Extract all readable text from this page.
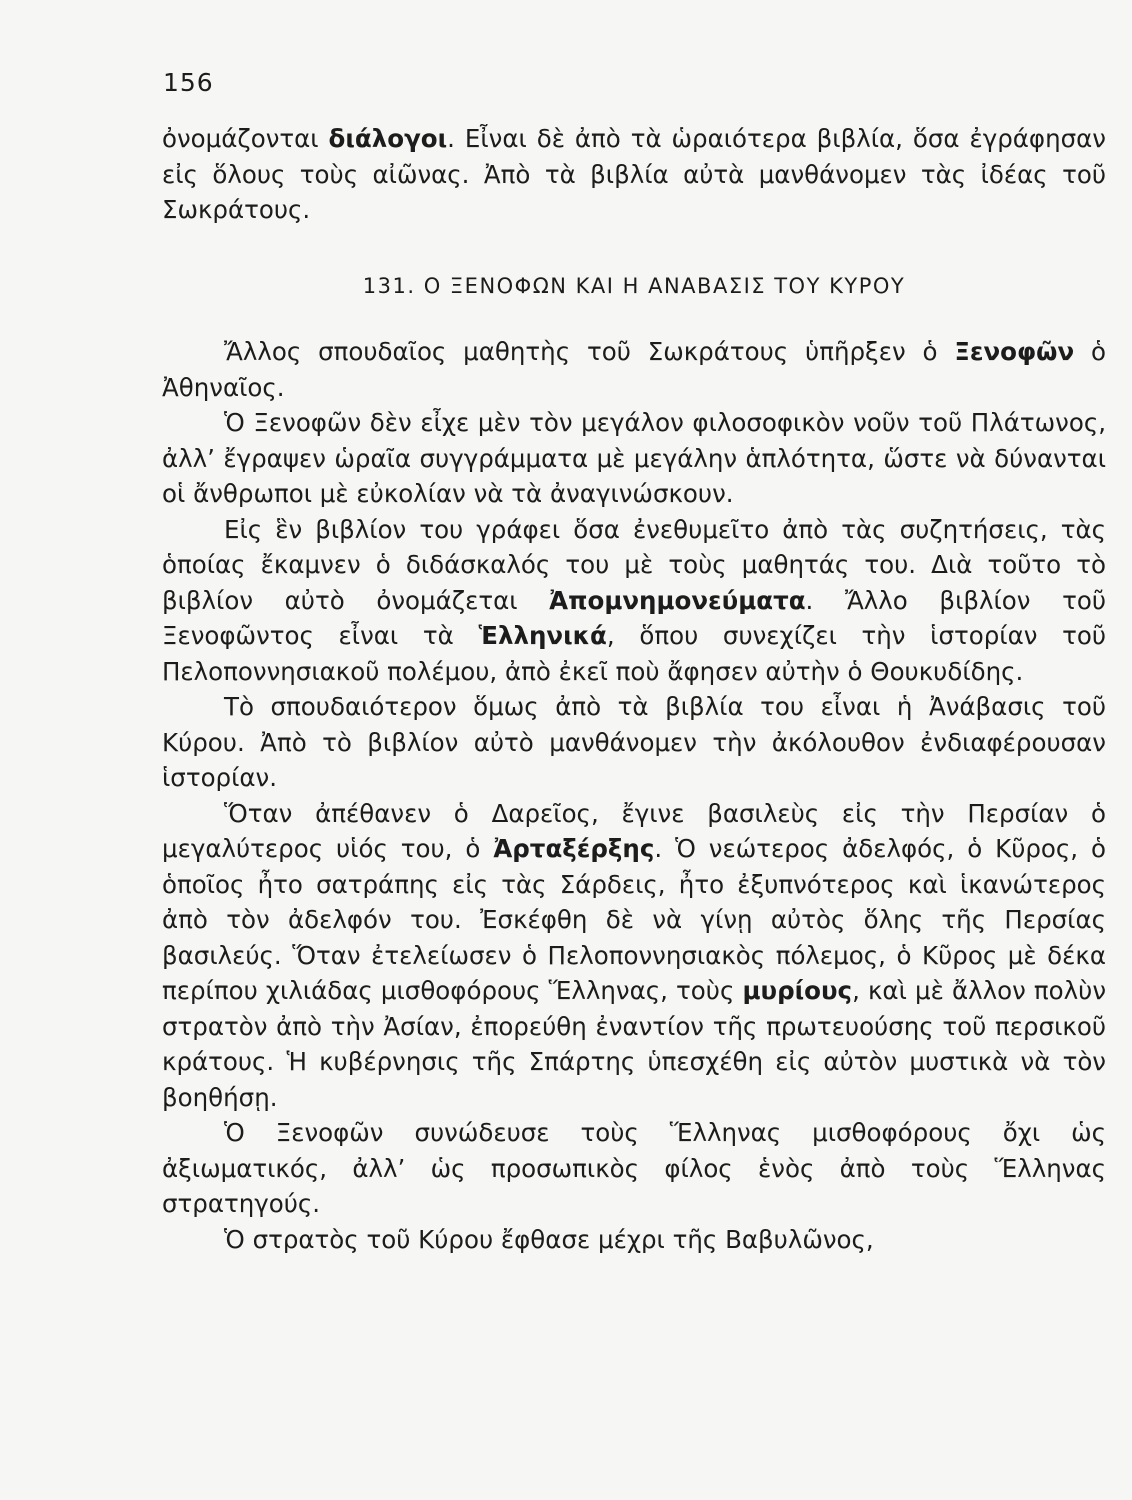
156

ὀνομάζονται διάλογοι. Εἶναι δὲ ἀπὸ τὰ ὡραιότερα βιβλία, ὅσα ἐγράφησαν εἰς ὅλους τοὺς αἰῶνας. Ἀπὸ τὰ βιβλία αὐτὰ μανθάνομεν τὰς ἰδέας τοῦ Σωκράτους.

131. Ο ΞΕΝΟΦΩΝ ΚΑΙ Η ΑΝΑΒΑΣΙΣ ΤΟΥ ΚΥΡΟΥ

Ἄλλος σπουδαῖος μαθητὴς τοῦ Σωκράτους ὑπῆρξεν ὁ Ξενοφῶν ὁ Ἀθηναῖος.

Ὁ Ξενοφῶν δὲν εἶχε μὲν τὸν μεγάλον φιλοσοφικὸν νοῦν τοῦ Πλάτωνος, ἀλλ’ ἔγραψεν ὡραῖα συγγράμματα μὲ μεγάλην ἁπλότητα, ὥστε νὰ δύνανται οἱ ἄνθρωποι μὲ εὐκολίαν νὰ τὰ ἀναγινώσκουν.

Εἰς ἓν βιβλίον του γράφει ὅσα ἐνεθυμεῖτο ἀπὸ τὰς συζητήσεις, τὰς ὁποίας ἔκαμνεν ὁ διδάσκαλός του μὲ τοὺς μαθητάς του. Διὰ τοῦτο τὸ βιβλίον αὐτὸ ὀνομάζεται Ἀπομνημονεύματα. Ἄλλο βιβλίον τοῦ Ξενοφῶντος εἶναι τὰ Ἑλληνικά, ὅπου συνεχίζει τὴν ἱστορίαν τοῦ Πελοποννησιακοῦ πολέμου, ἀπὸ ἐκεῖ ποὺ ἄφησεν αὐτὴν ὁ Θουκυδίδης.

Τὸ σπουδαιότερον ὅμως ἀπὸ τὰ βιβλία του εἶναι ἡ Ἀνάβασις τοῦ Κύρου. Ἀπὸ τὸ βιβλίον αὐτὸ μανθάνομεν τὴν ἀκόλουθον ἐνδιαφέρουσαν ἱστορίαν.

Ὅταν ἀπέθανεν ὁ Δαρεῖος, ἔγινε βασιλεὺς εἰς τὴν Περσίαν ὁ μεγαλύτερος υἱός του, ὁ Ἀρταξέρξης. Ὁ νεώτερος ἀδελφός, ὁ Κῦρος, ὁ ὁποῖος ἦτο σατράπης εἰς τὰς Σάρδεις, ἦτο ἐξυπνότερος καὶ ἱκανώτερος ἀπὸ τὸν ἀδελφόν του. Ἐσκέφθη δὲ νὰ γίνῃ αὐτὸς ὅλης τῆς Περσίας βασιλεύς. Ὅταν ἐτελείωσεν ὁ Πελοποννησιακὸς πόλεμος, ὁ Κῦρος μὲ δέκα περίπου χιλιάδας μισθοφόρους Ἕλληνας, τοὺς μυρίους, καὶ μὲ ἄλλον πολὺν στρατὸν ἀπὸ τὴν Ἀσίαν, ἐπορεύθη ἐναντίον τῆς πρωτευούσης τοῦ περσικοῦ κράτους. Ἡ κυβέρνησις τῆς Σπάρτης ὑπεσχέθη εἰς αὐτὸν μυστικὰ νὰ τὸν βοηθήσῃ.

Ὁ Ξενοφῶν συνώδευσε τοὺς Ἕλληνας μισθοφόρους ὄχι ὡς ἀξιωματικός, ἀλλ’ ὡς προσωπικὸς φίλος ἑνὸς ἀπὸ τοὺς Ἕλληνας στρατηγούς.

Ὁ στρατὸς τοῦ Κύρου ἔφθασε μέχρι τῆς Βαβυλῶνος,
